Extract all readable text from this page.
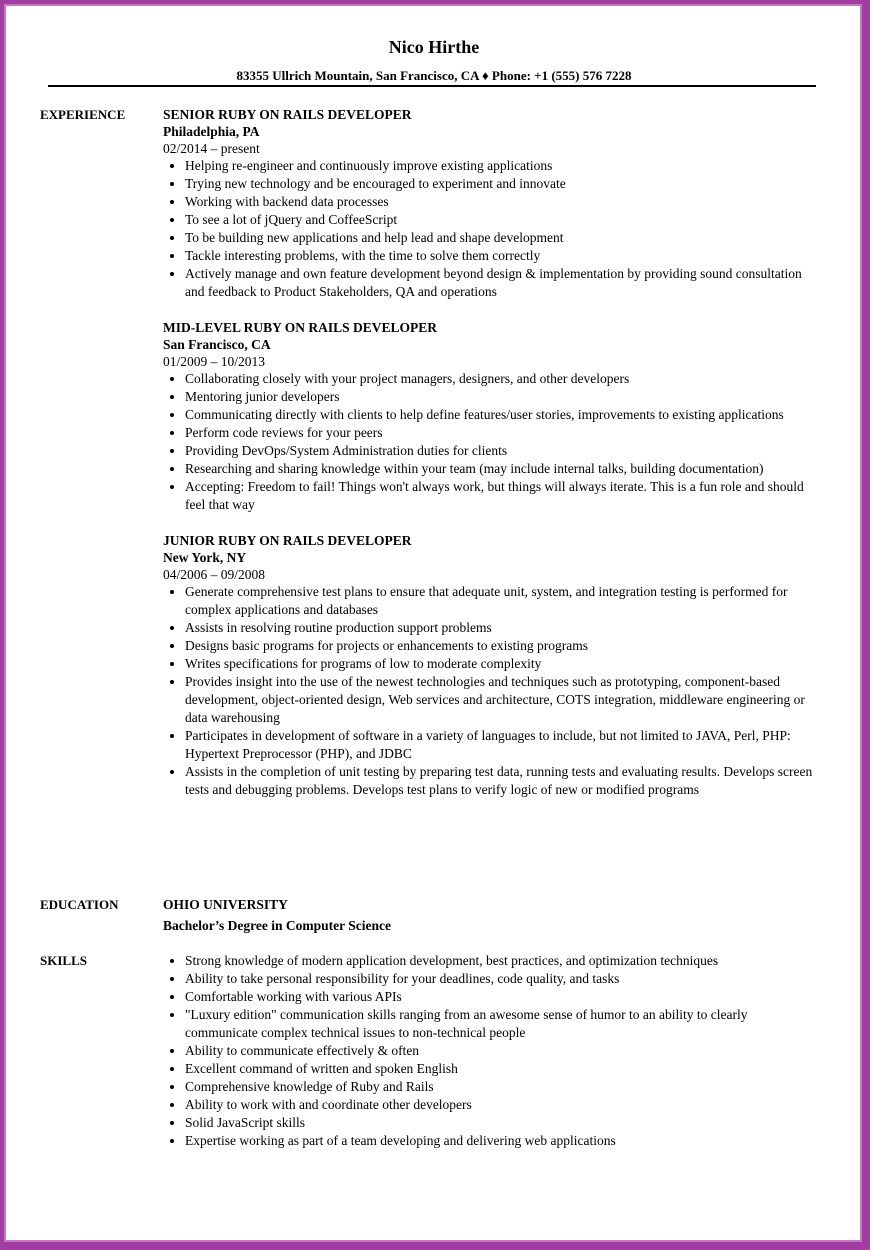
Nico Hirthe
83355 Ullrich Mountain, San Francisco, CA ♦ Phone: +1 (555) 576 7228
EXPERIENCE	SENIOR RUBY ON RAILS DEVELOPER
Philadelphia, PA
02/2014 – present
• Helping re-engineer and continuously improve existing applications
• Trying new technology and be encouraged to experiment and innovate
• Working with backend data processes
• To see a lot of jQuery and CoffeeScript
• To be building new applications and help lead and shape development
• Tackle interesting problems, with the time to solve them correctly
• Actively manage and own feature development beyond design & implementation by providing sound consultation and feedback to Product Stakeholders, QA and operations
MID-LEVEL RUBY ON RAILS DEVELOPER
San Francisco, CA
01/2009 – 10/2013
• Collaborating closely with your project managers, designers, and other developers
• Mentoring junior developers
• Communicating directly with clients to help define features/user stories, improvements to existing applications
• Perform code reviews for your peers
• Providing DevOps/System Administration duties for clients
• Researching and sharing knowledge within your team (may include internal talks, building documentation)
• Accepting: Freedom to fail! Things won't always work, but things will always iterate. This is a fun role and should feel that way
JUNIOR RUBY ON RAILS DEVELOPER
New York, NY
04/2006 – 09/2008
• Generate comprehensive test plans to ensure that adequate unit, system, and integration testing is performed for complex applications and databases
• Assists in resolving routine production support problems
• Designs basic programs for projects or enhancements to existing programs
• Writes specifications for programs of low to moderate complexity
• Provides insight into the use of the newest technologies and techniques such as prototyping, component-based development, object-oriented design, Web services and architecture, COTS integration, middleware engineering or data warehousing
• Participates in development of software in a variety of languages to include, but not limited to JAVA, Perl, PHP: Hypertext Preprocessor (PHP), and JDBC
• Assists in the completion of unit testing by preparing test data, running tests and evaluating results. Develops screen tests and debugging problems. Develops test plans to verify logic of new or modified programs
EDUCATION	OHIO UNIVERSITY
Bachelor’s Degree in Computer Science
SKILLS
•	Strong knowledge of modern application development, best practices, and optimization techniques
• Ability to take personal responsibility for your deadlines, code quality, and tasks
• Comfortable working with various APIs
• "Luxury edition" communication skills ranging from an awesome sense of humor to an ability to clearly communicate complex technical issues to non-technical people
• Ability to communicate effectively & often
• Excellent command of written and spoken English
• Comprehensive knowledge of Ruby and Rails
• Ability to work with and coordinate other developers
• Solid JavaScript skills
• Expertise working as part of a team developing and delivering web applications
